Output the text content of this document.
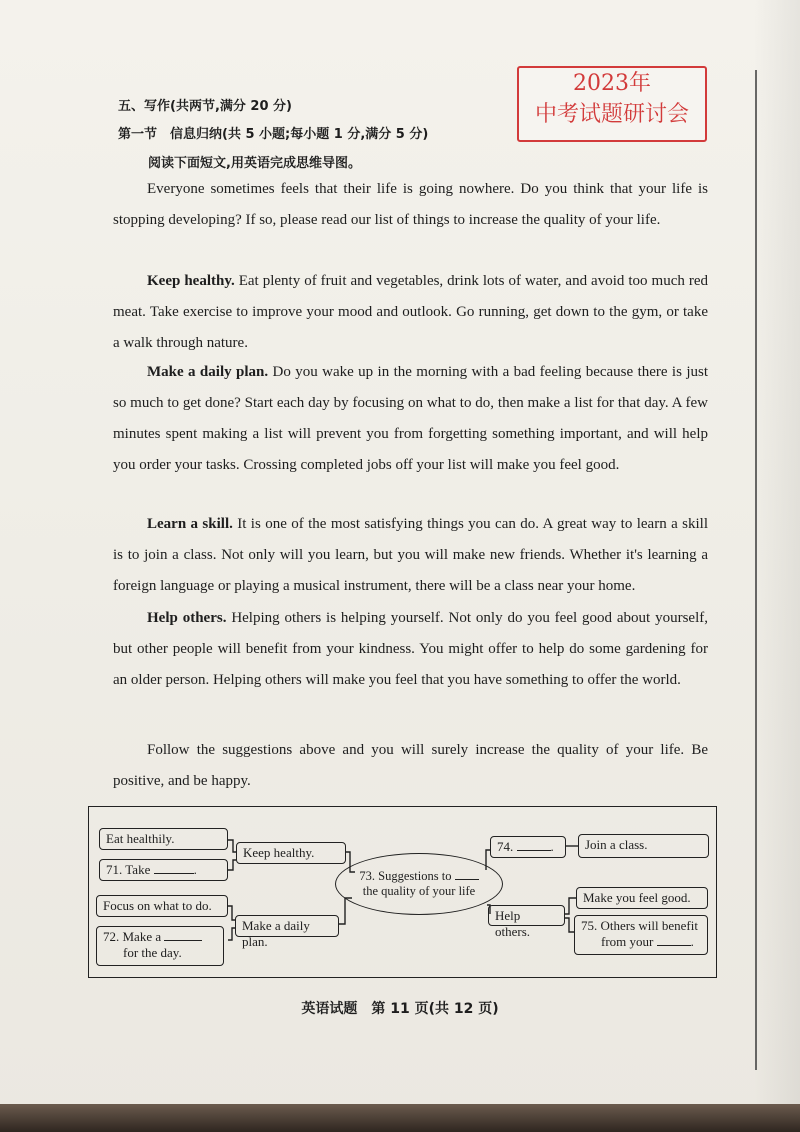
2023年
中考试题研讨会
五、写作(共两节,满分 20 分)
第一节　信息归纳(共 5 小题;每小题 1 分,满分 5 分)
阅读下面短文,用英语完成思维导图。
Everyone sometimes feels that their life is going nowhere. Do you think that your life is stopping developing? If so, please read our list of things to increase the quality of your life.
Keep healthy. Eat plenty of fruit and vegetables, drink lots of water, and avoid too much red meat. Take exercise to improve your mood and outlook. Go running, get down to the gym, or take a walk through nature.
Make a daily plan. Do you wake up in the morning with a bad feeling because there is just so much to get done? Start each day by focusing on what to do, then make a list for that day. A few minutes spent making a list will prevent you from forgetting something important, and will help you order your tasks. Crossing completed jobs off your list will make you feel good.
Learn a skill. It is one of the most satisfying things you can do. A great way to learn a skill is to join a class. Not only will you learn, but you will make new friends. Whether it's learning a foreign language or playing a musical instrument, there will be a class near your home.
Help others. Helping others is helping yourself. Not only do you feel good about yourself, but other people will benefit from your kindness. You might offer to help do some gardening for an older person. Helping others will make you feel that you have something to offer the world.
Follow the suggestions above and you will surely increase the quality of your life. Be positive, and be happy.
Eat healthily.
71. Take	.
Keep healthy.
Focus on what to do.
72. Make a
for the day.
Make a daily plan.
73. Suggestions to
the quality of your life
74.	.	Join a class.
Help others.
Make you feel good.
75. Others will benefit
from your	.
英语试题　第 11 页(共 12 页)
